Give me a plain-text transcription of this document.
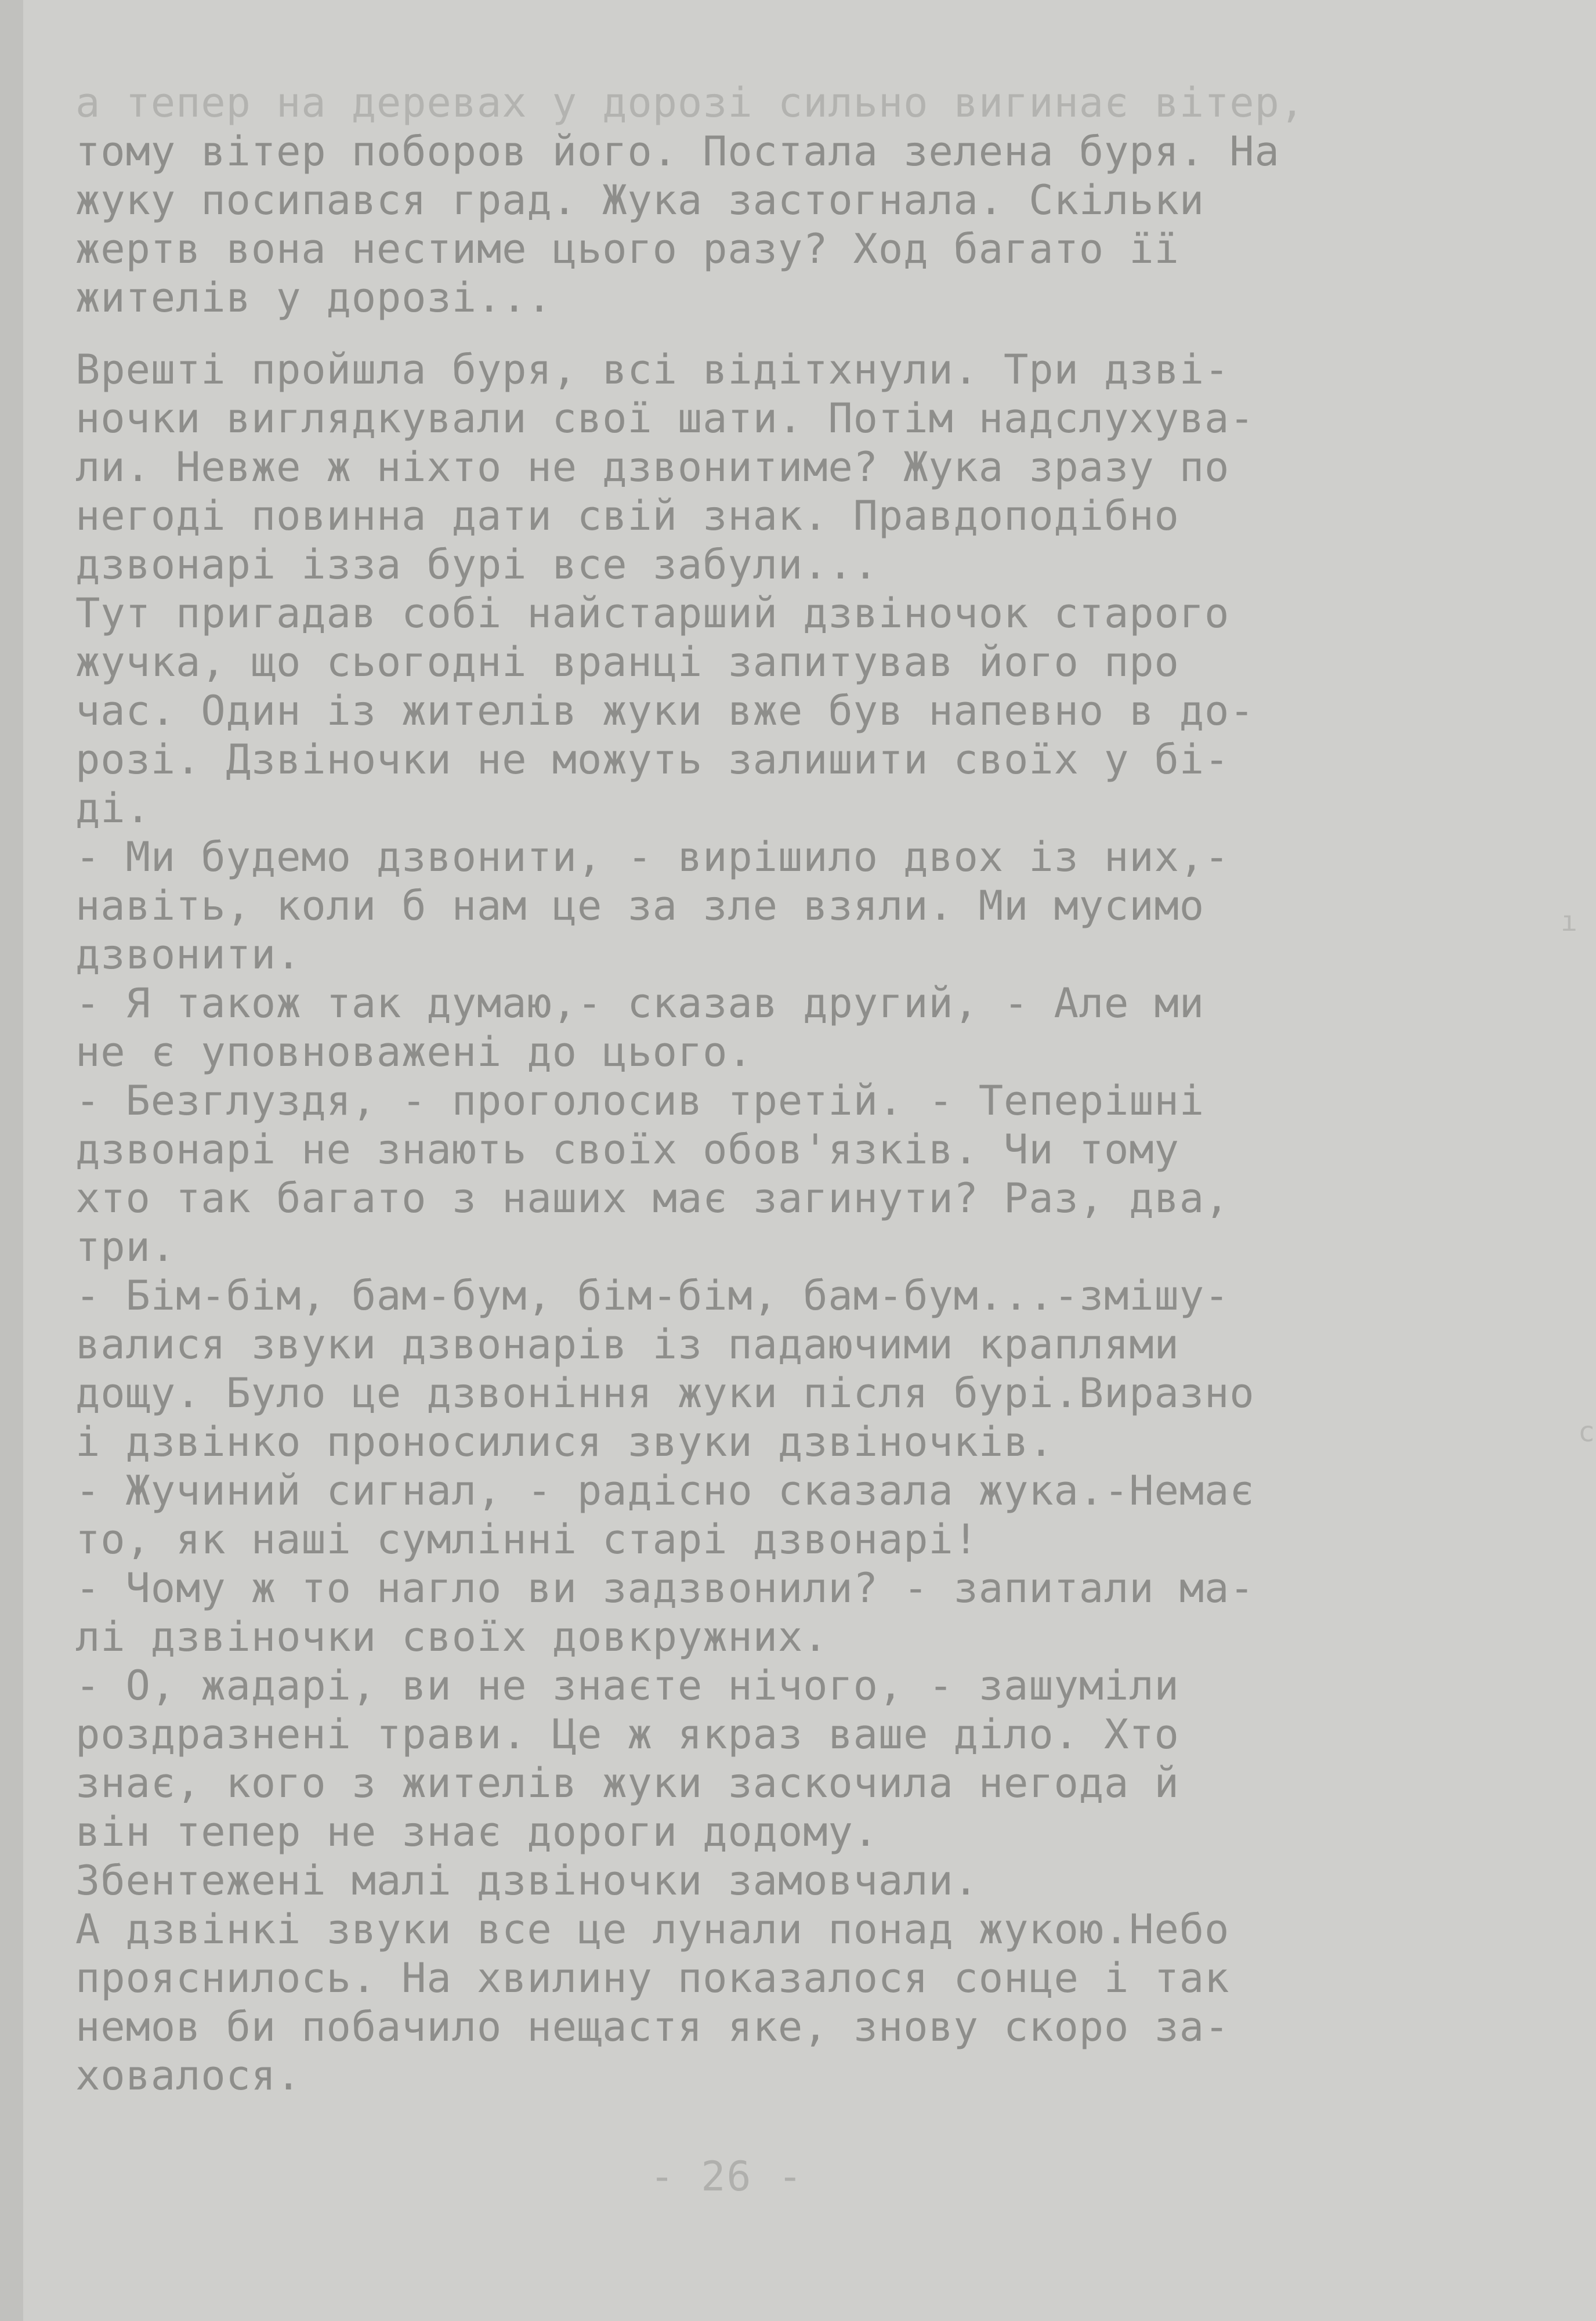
а тепер на деревах у дорозі сильно вигинає вітер,
тому вітер поборов його. Постала зелена буря. На
жуку посипався град. Жука застогнала. Скільки
жертв вона нестиме цього разу? Ход багато її
жителів у дорозі...
Врешті пройшла буря, всі відітхнули. Три дзві-
ночки виглядкували свої шати. Потім надслухува-
ли. Невже ж ніхто не дзвонитиме? Жука зразу по
негоді повинна дати свій знак. Правдоподібно
дзвонарі ізза бурі все забули...
Тут пригадав собі найстарший дзвіночок старого
жучка, що сьогодні вранці запитував його про
час. Один із жителів жуки вже був напевно в до-
розі. Дзвіночки не можуть залишити своїх у бі-
ді.
- Ми будемо дзвонити, - вирішило двох із них,-
навіть, коли б нам це за зле взяли. Ми мусимо
дзвонити.
- Я також так думаю,- сказав другий, - Але ми
не є уповноважені до цього.
- Безглуздя, - проголосив третій. - Теперішні
дзвонарі не знають своїх обов'язків. Чи тому
хто так багато з наших має загинути? Раз, два,
три.
- Бім-бім, бам-бум, бім-бім, бам-бум...-змішу-
валися звуки дзвонарів із падаючими краплями
дощу. Було це дзвоніння жуки після бурі.Виразно
і дзвінко проносилися звуки дзвіночків.
- Жучиний сигнал, - радісно сказала жука.-Немає
то, як наші сумлінні старі дзвонарі!
- Чому ж то нагло ви задзвонили? - запитали ма-
лі дзвіночки своїх довкружних.
- О, жадарі, ви не знаєте нічого, - зашуміли
роздразнені трави. Це ж якраз ваше діло. Хто
знає, кого з жителів жуки заскочила негода й
він тепер не знає дороги додому.
Збентежені малі дзвіночки замовчали.
А дзвінкі звуки все це лунали понад жукою.Небо
прояснилось. На хвилину показалося сонце і так
немов би побачило нещастя яке, знову скоро за-
ховалося.
- 26 -
ı
c
